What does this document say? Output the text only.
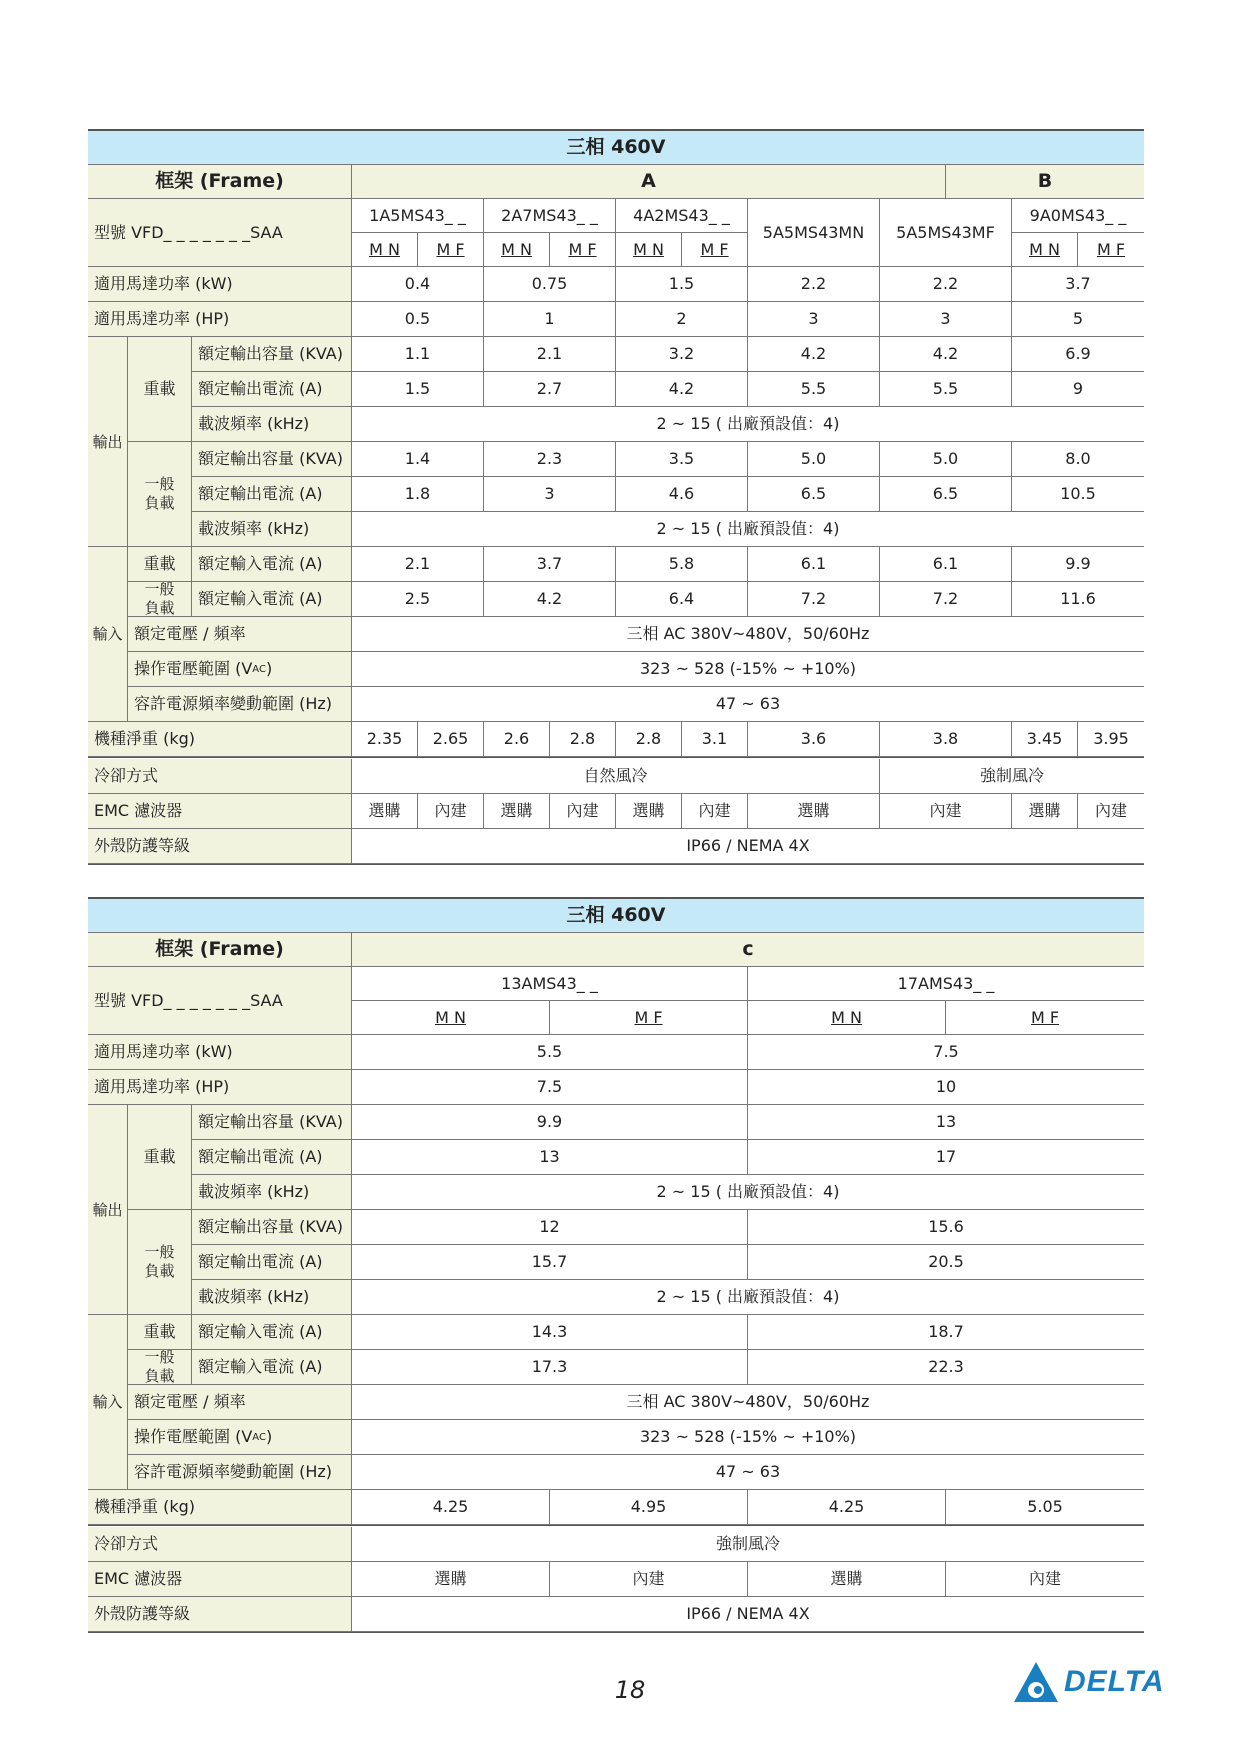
三相 460V
框架 (Frame)	A	B
型號 VFD_ _ _ _ _ _ _SAA
1A5MS43_ _	2A7MS43_ _	4A2MS43_ _
5A5MS43MN	5A5MS43MF
9A0MS43_ _
M N	M F	M N	M F	M N	M F	M N	M F
適用馬達功率 (kW)	0.4	0.75	1.5	2.2	2.2	3.7
適用馬達功率 (HP)	0.5	1	2	3	3	5
輸出
重載
額定輸出容量 (KVA)	1.1	2.1	3.2	4.2	4.2	6.9
額定輸出電流 (A)	1.5	2.7	4.2	5.5	5.5	9
載波頻率 (kHz)	2 ~ 15 ( 出廠預設值：4)
一般
負載
額定輸出容量 (KVA)	1.4	2.3	3.5	5.0	5.0	8.0
額定輸出電流 (A)	1.8	3	4.6	6.5	6.5	10.5
載波頻率 (kHz)	2 ~ 15 ( 出廠預設值：4)
輸入
重載	額定輸入電流 (A)	2.1	3.7	5.8	6.1	6.1	9.9
一般
負載	額定輸入電流 (A)	2.5	4.2	6.4	7.2	7.2	11.6
額定電壓 / 頻率	三相 AC 380V~480V，50/60Hz
操作電壓範圍 (V AC )	323 ~ 528 (-15% ~ +10%)
容許電源頻率變動範圍 (Hz)	47 ~ 63
機種淨重 (kg)	2.35	2.65	2.6	2.8	2.8	3.1	3.6	3.8	3.45	3.95
冷卻方式	自然風冷	強制風冷
EMC 濾波器	選購	內建	選購	內建	選購	內建	選購	內建	選購	內建
外殼防護等級	IP66 / NEMA 4X
三相 460V
框架 (Frame)	c
型號 VFD_ _ _ _ _ _ _SAA
13AMS43_ _	17AMS43_ _
M N	M F	M N	M F
適用馬達功率 (kW)	5.5	7.5
適用馬達功率 (HP)	7.5	10
輸出
重載
額定輸出容量 (KVA)	9.9	13
額定輸出電流 (A)	13	17
載波頻率 (kHz)	2 ~ 15 ( 出廠預設值：4)
一般
負載
額定輸出容量 (KVA)	12	15.6
額定輸出電流 (A)	15.7	20.5
載波頻率 (kHz)	2 ~ 15 ( 出廠預設值：4)
輸入
重載	額定輸入電流 (A)	14.3	18.7
一般
負載	額定輸入電流 (A)	17.3	22.3
額定電壓 / 頻率	三相 AC 380V~480V，50/60Hz
操作電壓範圍 (V AC )	323 ~ 528 (-15% ~ +10%)
容許電源頻率變動範圍 (Hz)	47 ~ 63
機種淨重 (kg)	4.25	4.95	4.25	5.05
冷卻方式	強制風冷
EMC 濾波器	選購	內建	選購	內建
外殼防護等級	IP66 / NEMA 4X
18	DELTA
